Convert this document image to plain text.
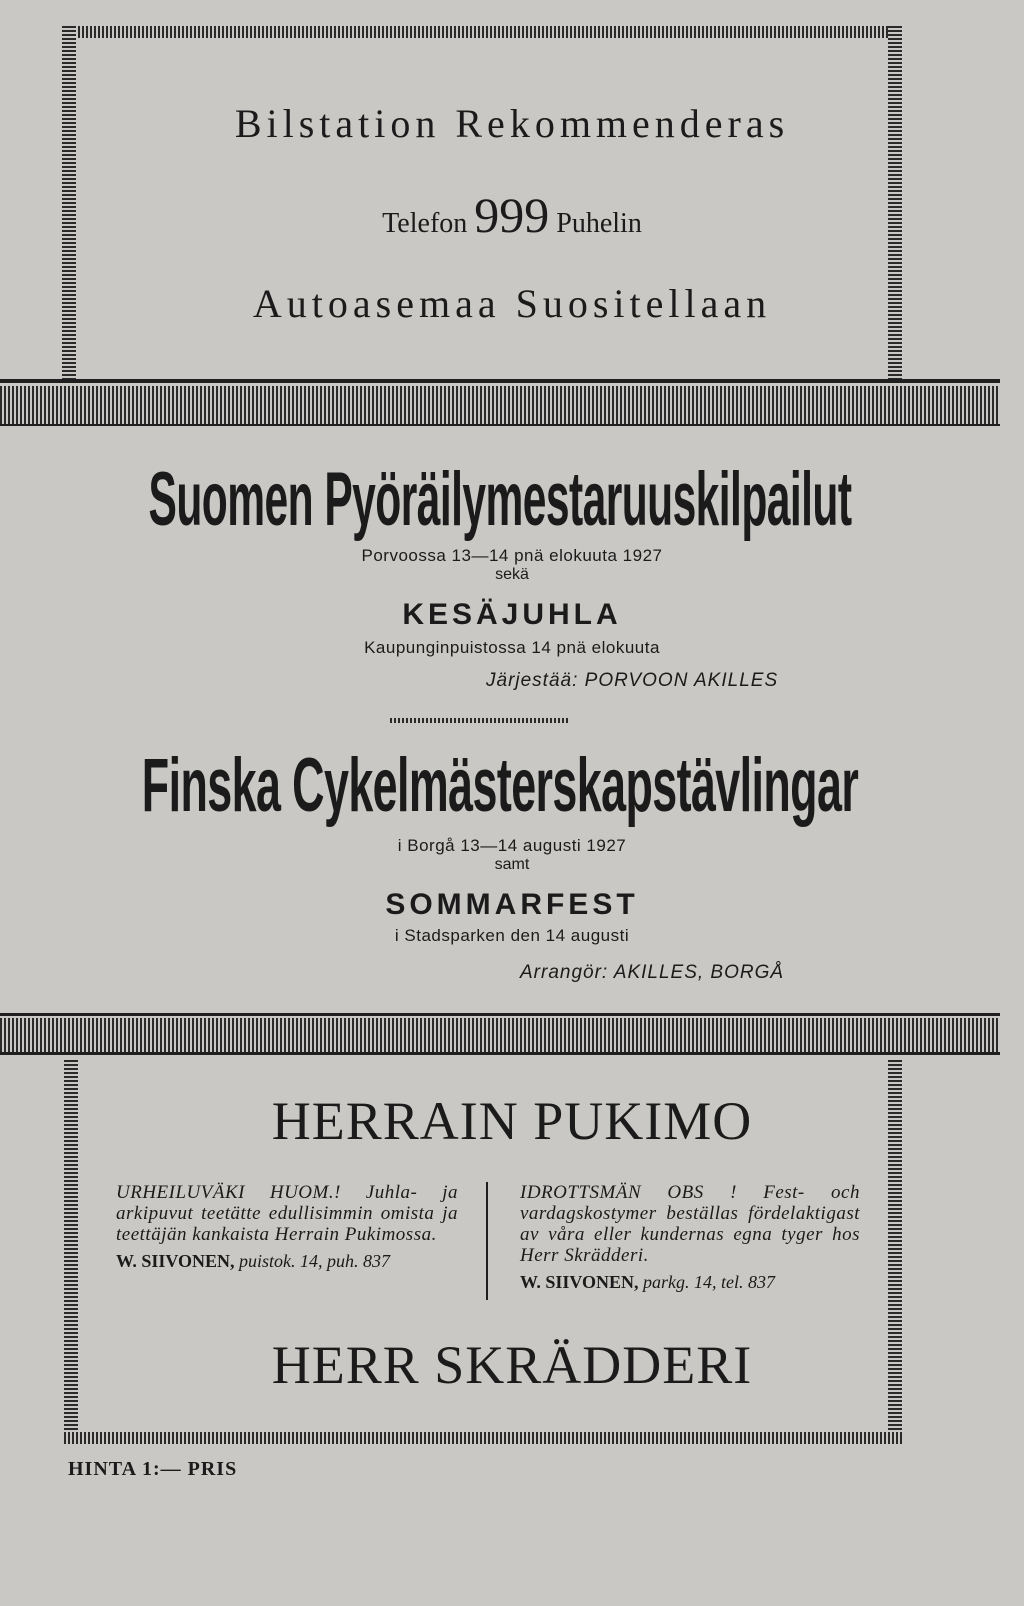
Bilstation Rekommenderas
Telefon 999 Puhelin
Autoasemaa Suositellaan
Suomen Pyöräilymestaruuskilpailut
Porvoossa 13—14 pnä elokuuta 1927
sekä
KESÄJUHLA
Kaupunginpuistossa 14 pnä elokuuta
Järjestää: PORVOON AKILLES
Finska Cykelmästerskapstävlingar
i Borgå 13—14 augusti 1927
samt
SOMMARFEST
i Stadsparken den 14 augusti
Arrangör: AKILLES, BORGÅ
HERRAIN PUKIMO
URHEILUVÄKI HUOM.! Juhla- ja arkipuvut teetätte edullisimmin omista ja teettäjän kankaista Herrain Pukimossa.
W. SIIVONEN, puistok. 14, puh. 837
IDROTTSMÄN OBS ! Fest- och vardagskostymer beställas fördelaktigast av våra eller kundernas egna tyger hos Herr Skrädderi.
W. SIIVONEN, parkg. 14, tel. 837
HERR SKRÄDDERI
HINTA 1:— PRIS
